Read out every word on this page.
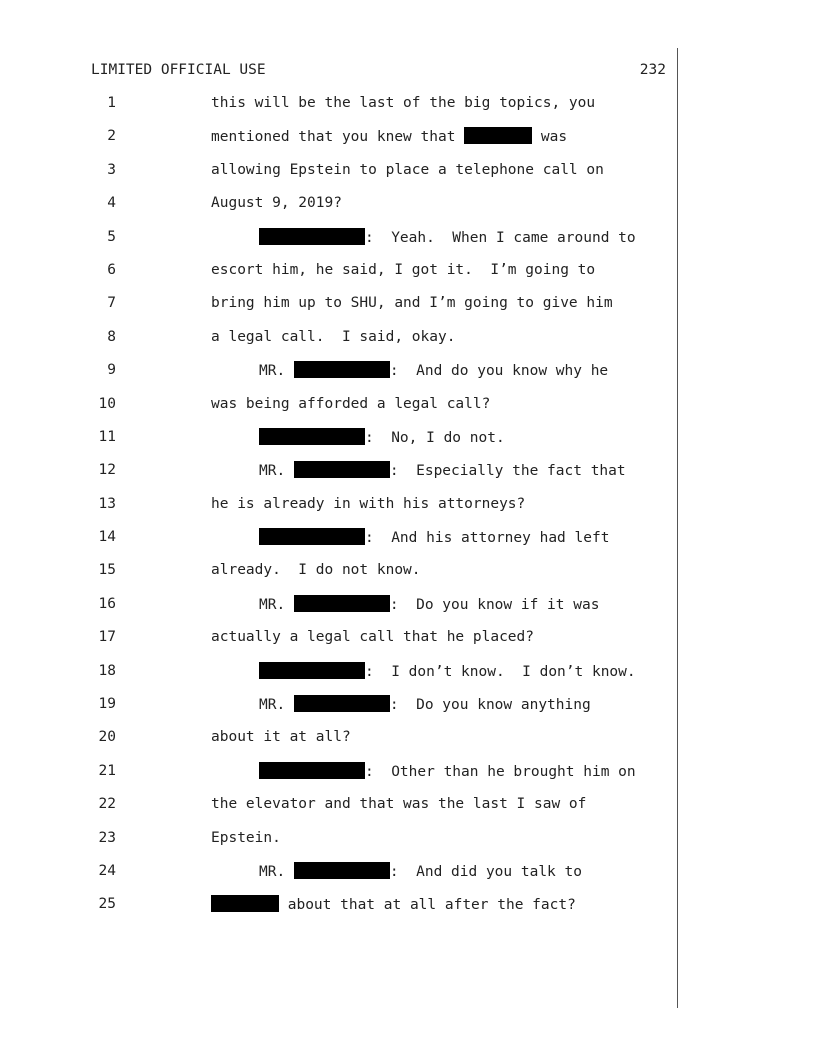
LIMITED OFFICIAL USE	232
1	this will be the last of the big topics, you
2	mentioned that you knew that	was
3	allowing Epstein to place a telephone call on
4	August 9, 2019?
5	:  Yeah.  When I came around to
6	escort him, he said, I got it.  I’m going to
7	bring him up to SHU, and I’m going to give him
8	a legal call.  I said, okay.
9	MR.	:  And do you know why he
10	was being afforded a legal call?
11	:  No, I do not.
12	MR.	:  Especially the fact that
13	he is already in with his attorneys?
14	:  And his attorney had left
15	already.  I do not know.
16	MR.	:  Do you know if it was
17	actually a legal call that he placed?
18	:  I don’t know.  I don’t know.
19	MR.	:  Do you know anything
20	about it at all?
21	:  Other than he brought him on
22	the elevator and that was the last I saw of
23	Epstein.
24	MR.	:  And did you talk to
25	about that at all after the fact?
